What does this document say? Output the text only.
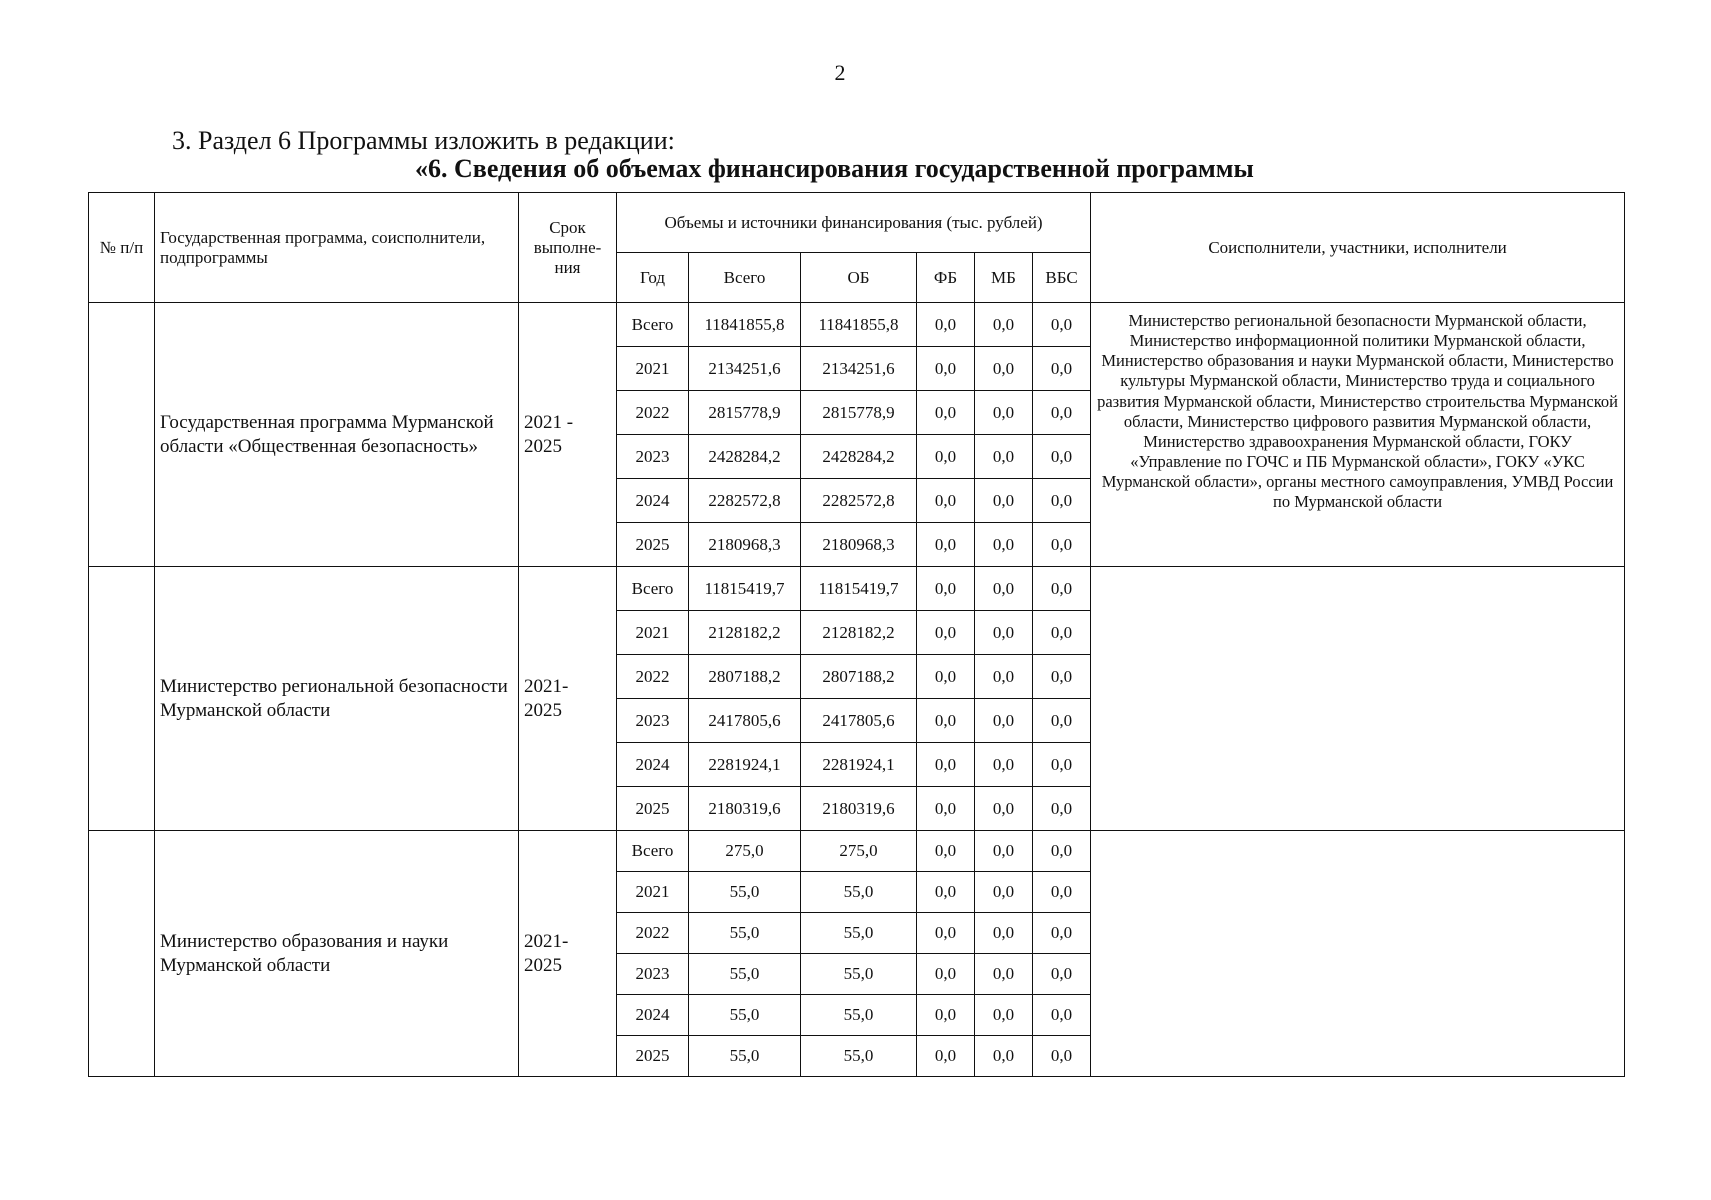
2
3. Раздел 6 Программы изложить в редакции:
«6. Сведения об объемах финансирования государственной программы
№ п/п	Государственная программа, соисполнители, подпрограммы	Срок выполне-ния	Объемы и источники финансирования (тыс. рублей)						Соисполнители, участники, исполнители
			Год	Всего	ОБ	ФБ	МБ	ВБС	
	Государственная программа Мурманской области «Общественная безопасность»	2021 - 2025	Всего	11841855,8	11841855,8	0,0	0,0	0,0	Министерство региональной безопасности Мурманской области, Министерство информационной политики Мурманской области, Министерство образования и науки Мурманской области, Министерство культуры Мурманской области, Министерство труда и социального развития Мурманской области, Министерство строительства Мурманской области, Министерство цифрового развития Мурманской области, Министерство здравоохранения Мурманской области, ГОКУ «Управление по ГОЧС и ПБ Мурманской области», ГОКУ «УКС Мурманской области», органы местного самоуправления, УМВД России по Мурманской области
			2021	2134251,6	2134251,6	0,0	0,0	0,0	
			2022	2815778,9	2815778,9	0,0	0,0	0,0	
			2023	2428284,2	2428284,2	0,0	0,0	0,0	
			2024	2282572,8	2282572,8	0,0	0,0	0,0	
			2025	2180968,3	2180968,3	0,0	0,0	0,0	
	Министерство региональной безопасности Мурманской области	2021- 2025	Всего	11815419,7	11815419,7	0,0	0,0	0,0	
			2021	2128182,2	2128182,2	0,0	0,0	0,0	
			2022	2807188,2	2807188,2	0,0	0,0	0,0	
			2023	2417805,6	2417805,6	0,0	0,0	0,0	
			2024	2281924,1	2281924,1	0,0	0,0	0,0	
			2025	2180319,6	2180319,6	0,0	0,0	0,0	
	Министерство образования и науки Мурманской области	2021- 2025	Всего	275,0	275,0	0,0	0,0	0,0	
			2021	55,0	55,0	0,0	0,0	0,0	
			2022	55,0	55,0	0,0	0,0	0,0	
			2023	55,0	55,0	0,0	0,0	0,0	
			2024	55,0	55,0	0,0	0,0	0,0	
			2025	55,0	55,0	0,0	0,0	0,0	
